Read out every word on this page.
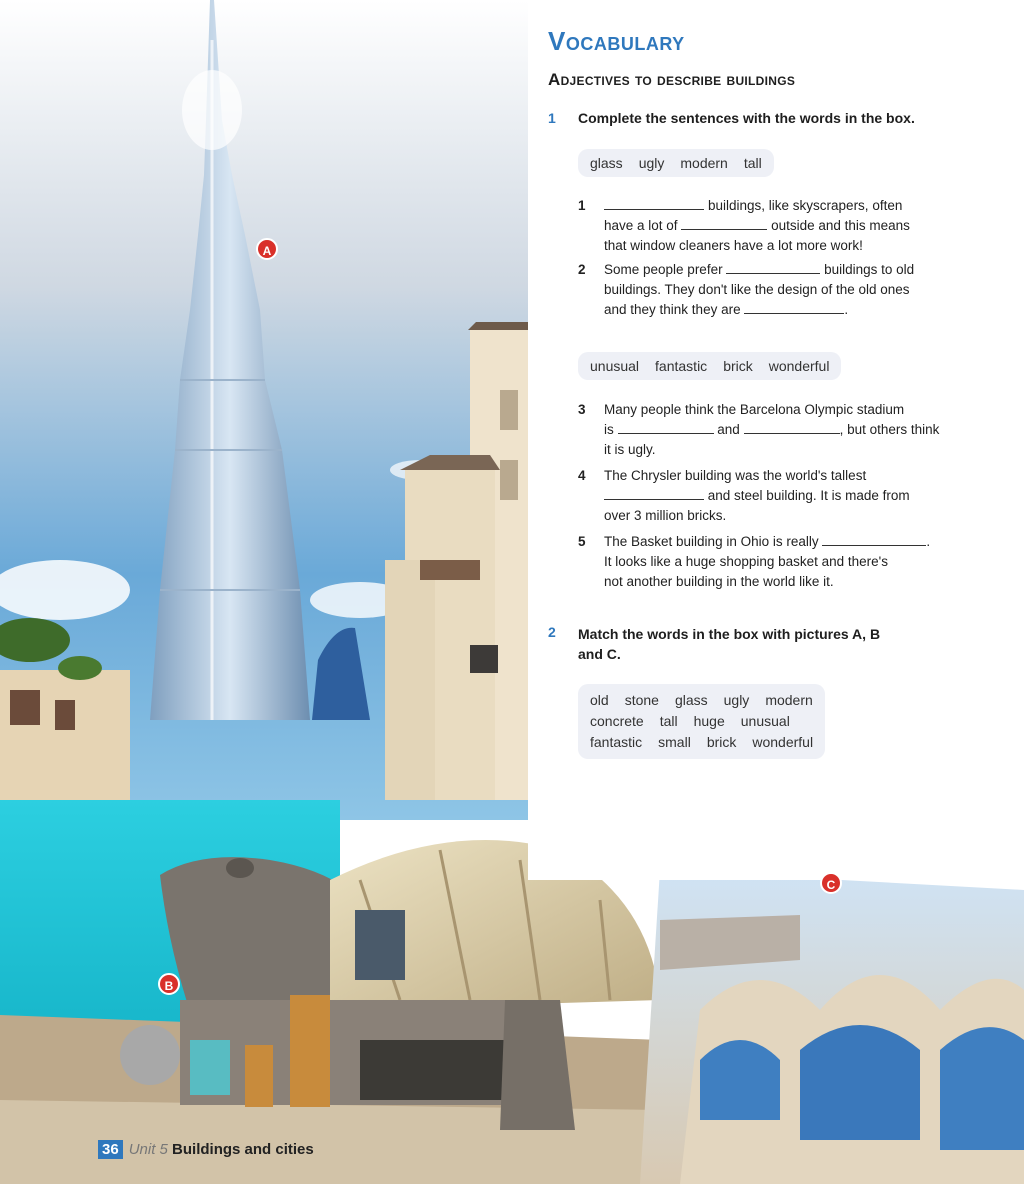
Vocabulary
Adjectives to describe buildings
1 Complete the sentences with the words in the box.
glass ugly modern tall
1	buildings, like skyscrapers, often
have a lot of	outside and this means
that window cleaners have a lot more work!
2 Some people prefer	buildings to old
buildings. They don't like the design of the old ones
and they think they are	.
unusual fantastic brick wonderful
3 Many people think the Barcelona Olympic stadium
is	and	, but others think
it is ugly.
4 The Chrysler building was the world's tallest
and steel building. It is made from
over 3 million bricks.
5 The Basket building in Ohio is really	.
It looks like a huge shopping basket and there's
not another building in the world like it.
2 Match the words in the box with pictures A, B
and C.
old stone glass ugly modern
concrete tall huge unusual
fantastic small brick wonderful
A
B
C
36 Unit 5 Buildings and cities
